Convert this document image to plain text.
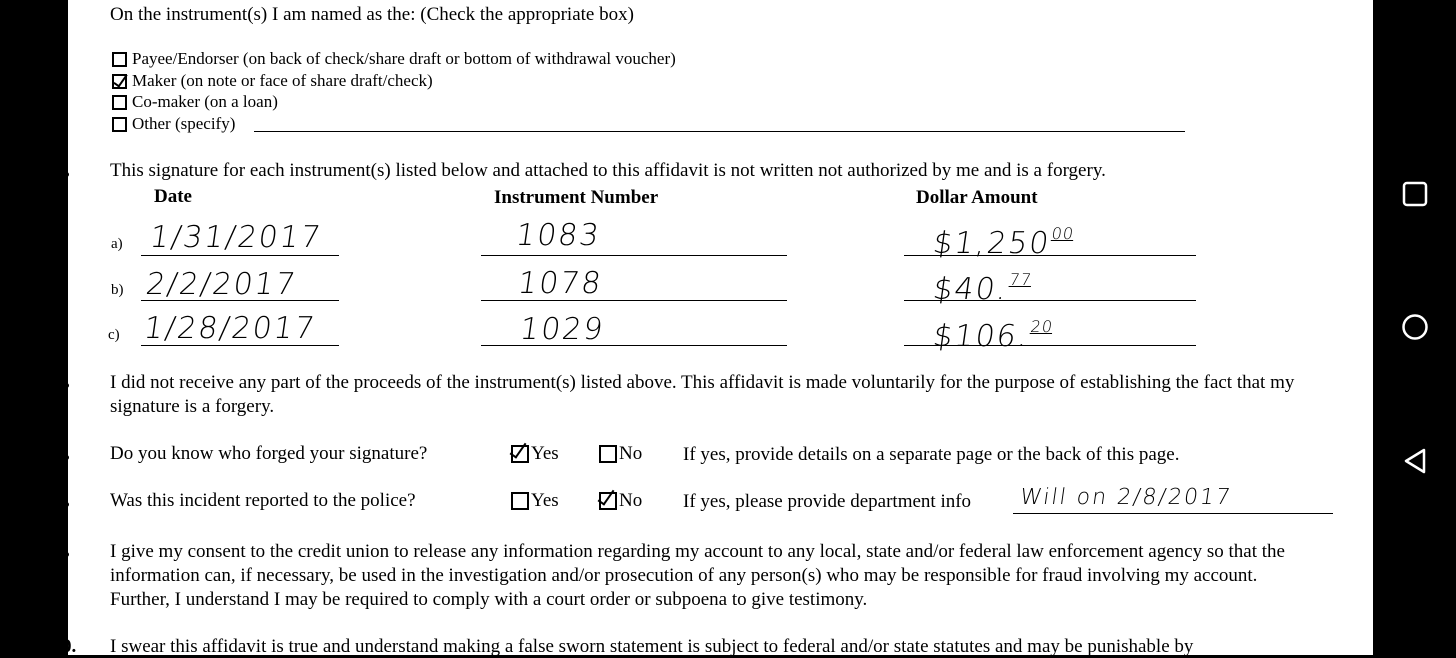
On the instrument(s) I am named as the: (Check the appropriate box)
Payee/Endorser (on back of check/share draft or bottom of withdrawal voucher)
Maker (on note or face of share draft/check)
Co-maker (on a loan)
Other (specify)
This signature for each instrument(s) listed below and attached to this affidavit is not written not authorized by me and is a forgery.
Date	Instrument Number	Dollar Amount
a) 1/31/2017	1083	$1,250$^{00}$
b) 2/2/2017	1078	$40.77
c) 1/28/2017	1029	$106.20
I did not receive any part of the proceeds of the instrument(s) listed above. This affidavit is made voluntarily for the purpose of establishing the fact that my signature is a forgery.
Do you know who forged your signature?	Yes	No If yes, provide details on a separate page or the back of this page.
Was this incident reported to the police?	Yes	No If yes, please provide department info Will on 2/8/2017
I give my consent to the credit union to release any information regarding my account to any local, state and/or federal law enforcement agency so that the information can, if necessary, be used in the investigation and/or prosecution of any person(s) who may be responsible for fraud involving my account. Further, I understand I may be required to comply with a court order or subpoena to give testimony.
0. I swear this affidavit is true and understand making a false sworn statement is subject to federal and/or state statutes and may be punishable by
